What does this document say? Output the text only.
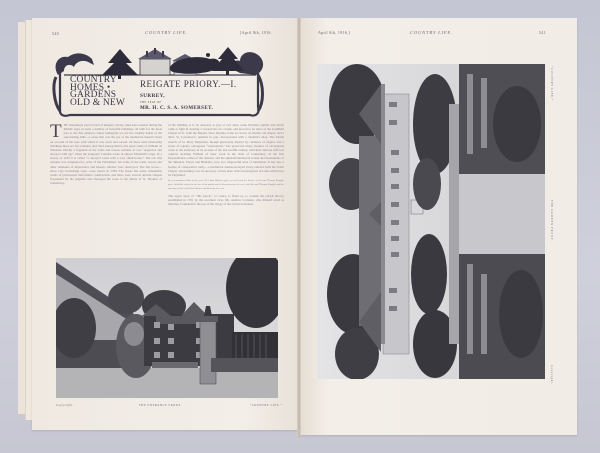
540	COUNTRY LIFE.	[April 8th, 1916.
COUNTRY
HOMES •
GARDENS
OLD & NEW
REIGATE PRIORY.—I.
SURREY,
THE SEAT OF
MR. H. C. S. A. SOMERSET.
T HE charmingly placed town of Reigate, Surrey, must have existed during the Middle Ages in quite a number of beautiful buildings, all built for the most part to the fine pinnacle where unhappily we see the stealthy hands of the surrounding hills—a stone that was the joy of the mediaeval mason's heart on account of the ease with which it was sawn and carved. Of these most interesting buildings there are few remains; and chief among them is the great castle of William de Warenne. Hardly a fragment of the walls and towers remains. It was “neglected and decayed with age” when the antiquary Camden wrote in Queen Elizabeth's reign. In a survey of 1623 it is called “a decayed castle with a very small house.” The rest that remains was completed by order of the Parliament, but some of the walls, towers and other remnants of importance and historic interest were destroyed. The last traces—those very fascinating ones—were drawn in 1789. The house has some remarkable vaults of picturesque half-timber construction, and there were several ancient chapels frequented by the pilgrims who thronged the town to the shrine of St. Thomas of Canterbury.
of the building is to be detected. A year or two since some Norman capitals and shafts came to light in clearing a vacated site for a bank, and proved to be relics of the Guildhall Chapel of St. John the Baptist. Near Slipshoe Lane are traces of another old chapel, and a third, St. Lawrence's, remains in part, incorporated with a chemist's shop. The Parish church of St. Mary Magdalen, though grievously injured by centuries of neglect and a series of equally outrageous “restorations,” has preserved many features of exceptional value to the antiquary in its arcades of the late twelfth century, with their delicate stiff-leaf capitals recalling William of Sens' work in the choir of Canterbury; in the fine Perpendicular arches of the chancel; and the splendid mediaeval screen and monuments of the Skinners, Elyots and Bludders, now in a disgraceful state of mutilation. It has also a feature of comparative rarity—a mediaeval double-storeyed vestry entered from the North Chapel, and leading over its doorway a brass plate with an inscription in Latin which may be Englished:
Be it remembered that in the year 1513 John Skinner, gent., as well with the licence of the late Thomas Knyght, gent., built this vestry for the use of the parish and of his successors for ever, with the said Thomas Knyght, and the ancestors of the said John Skinner and his heirs for ever.
The upper story of “this porch,” or vestry, is fitted up to contain the parish library, established in 1701 by the excellent vicar, Mr. Andrew Cranston, who himself acted as librarian. Founded for the use of the clergy of the old rural deanery
Copyright.	THE ENTRANCE FRONT.	“COUNTRY LIFE.”
April 8th, 1916.]	COUNTRY LIFE.	541
“COUNTRY LIFE.”
THE GARDEN FRONT.
Copyright.
